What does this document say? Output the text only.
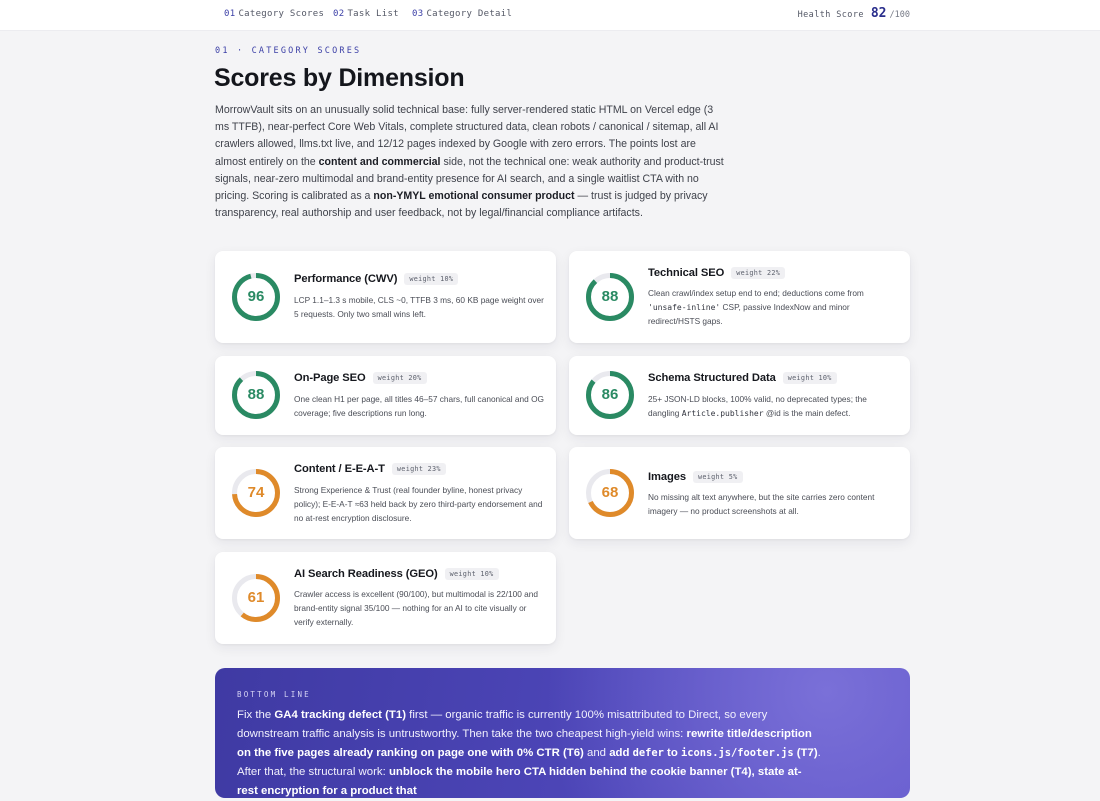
01 Category Scores 02 Task List 03 Category Detail	Health Score 82 /100
01 · CATEGORY SCORES
Scores by Dimension

MorrowVault sits on an unusually solid technical base: fully server-rendered static HTML on Vercel edge (3 ms TTFB), near-perfect Core Web Vitals, complete structured data, clean robots / canonical / sitemap, all AI crawlers allowed, llms.txt live, and 12/12 pages indexed by Google with zero errors. The points lost are almost entirely on the content and commercial side, not the technical one: weak authority and product-trust signals, near-zero multimodal and brand-entity presence for AI search, and a single waitlist CTA with no pricing. Scoring is calibrated as a non-YMYL emotional consumer product — trust is judged by privacy transparency, real authorship and user feedback, not by legal/financial compliance artifacts.

96
Performance (CWV)	weight 10%
LCP 1.1–1.3 s mobile, CLS ~0, TTFB 3 ms, 60 KB page weight over 5 requests. Only two small wins left.
88
Technical SEO	weight 22%
Clean crawl/index setup end to end; deductions come from 'unsafe-inline' CSP, passive IndexNow and minor redirect/HSTS gaps.
88
On-Page SEO	weight 20%
One clean H1 per page, all titles 46–57 chars, full canonical and OG coverage; five descriptions run long.
86
Schema Structured Data	weight 10%
25+ JSON-LD blocks, 100% valid, no deprecated types; the dangling Article.publisher @id is the main defect.
74
Content / E-E-A-T	weight 23%
Strong Experience & Trust (real founder byline, honest privacy policy); E-E-A-T ≈63 held back by zero third-party endorsement and no at-rest encryption disclosure.
68
Images	weight 5%
No missing alt text anywhere, but the site carries zero content imagery — no product screenshots at all.
61
AI Search Readiness (GEO)	weight 10%
Crawler access is excellent (90/100), but multimodal is 22/100 and brand-entity signal 35/100 — nothing for an AI to cite visually or verify externally.
BOTTOM LINE

Fix the GA4 tracking defect (T1) first — organic traffic is currently 100% misattributed to Direct, so every downstream traffic analysis is untrustworthy. Then take the two cheapest high-yield wins: rewrite title/description on the five pages already ranking on page one with 0% CTR (T6) and add defer to icons.js/footer.js (T7). After that, the structural work: unblock the mobile hero CTA hidden behind the cookie banner (T4), state at-rest encryption for a product that
